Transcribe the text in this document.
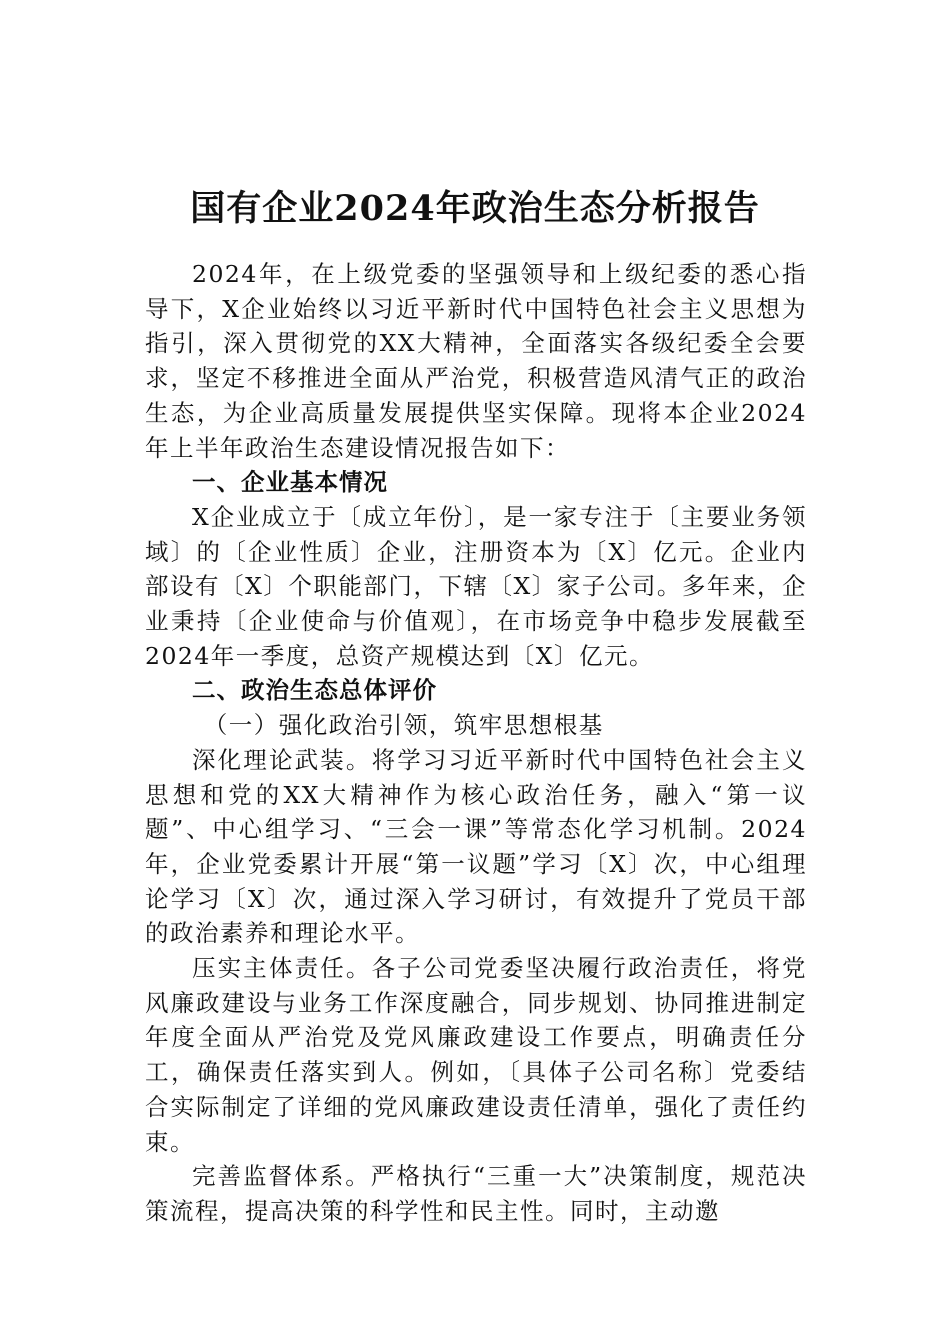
国有企业2024年政治生态分析报告

2024年，在上级党委的坚强领导和上级纪委的悉心指导下，X企业始终以习近平新时代中国特色社会主义思想为指引，深入贯彻党的XX大精神，全面落实各级纪委全会要求，坚定不移推进全面从严治党，积极营造风清气正的政治生态，为企业高质量发展提供坚实保障。现将本企业2024年上半年政治生态建设情况报告如下：

一、企业基本情况

X企业成立于〔成立年份〕，是一家专注于〔主要业务领域〕的〔企业性质〕企业，注册资本为〔X〕亿元。企业内部设有〔X〕个职能部门，下辖〔X〕家子公司。多年来，企业秉持〔企业使命与价值观〕，在市场竞争中稳步发展截至2024年一季度，总资产规模达到〔X〕亿元。

二、政治生态总体评价

（一）强化政治引领，筑牢思想根基

深化理论武装。将学习习近平新时代中国特色社会主义思想和党的XX大精神作为核心政治任务，融入“第一议题”、中心组学习、“三会一课”等常态化学习机制。2024年，企业党委累计开展“第一议题”学习〔X〕次，中心组理论学习〔X〕次，通过深入学习研讨，有效提升了党员干部的政治素养和理论水平。

压实主体责任。各子公司党委坚决履行政治责任，将党风廉政建设与业务工作深度融合，同步规划、协同推进制定年度全面从严治党及党风廉政建设工作要点，明确责任分工，确保责任落实到人。例如，〔具体子公司名称〕党委结合实际制定了详细的党风廉政建设责任清单，强化了责任约束。

完善监督体系。严格执行“三重一大”决策制度，规范决策流程，提高决策的科学性和民主性。同时，主动邀
